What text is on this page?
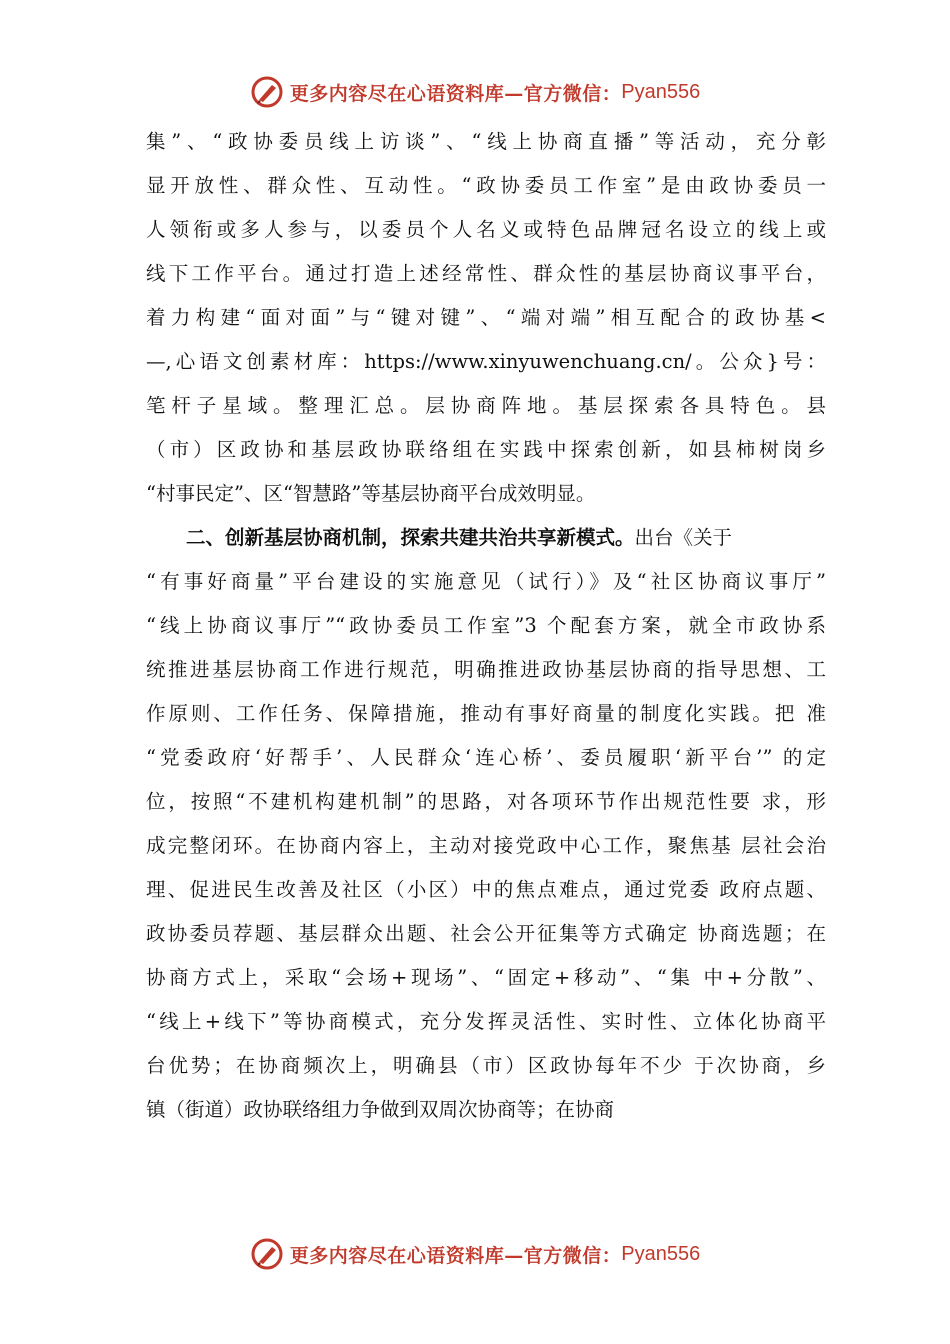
更多内容尽在心语资料库—官方微信： Pyan556
集”、“政协委员线上访谈”、“线上协商直播”等活动，充分彰
显开放性、群众性、互动性。“政协委员工作室”是由政协委员一
人领衔或多人参与，以委员个人名义或特色品牌冠名设立的线上或
线下工作平台。通过打造上述经常性、群众性的基层协商议事平台，
着力构建“面对面”与“键对键”、“端对端”相互配合的政协基<
—,心语文创素材库：https://www.xinyuwenchuang.cn/。公众}号：
笔杆子星域。整理汇总。层协商阵地。基层探索各具特色。县
（市）区政协和基层政协联络组在实践中探索创新，如县柿树岗乡
“村事民定”、区“智慧路”等基层协商平台成效明显。
二、创新基层协商机制，探索共建共治共享新模式。出台《关于
“有事好商量”平台建设的实施意见（试行）》及“社区协商议事厅”
“线上协商议事厅”“政协委员工作室”3 个配套方案，就全市政协系
统推进基层协商工作进行规范，明确推进政协基层协商的指导思想、工
作原则、工作任务、保障措施，推动有事好商量的制度化实践。把 准
“党委政府‘好帮手’、人民群众‘连心桥’、委员履职‘新平台’” 的定
位，按照“不建机构建机制”的思路，对各项环节作出规范性要 求，形
成完整闭环。在协商内容上，主动对接党政中心工作，聚焦基 层社会治
理、促进民生改善及社区（小区）中的焦点难点，通过党委 政府点题、
政协委员荐题、基层群众出题、社会公开征集等方式确定 协商选题；在
协商方式上，采取“会场+现场”、“固定+移动”、“集 中+分散”、
“线上+线下”等协商模式，充分发挥灵活性、实时性、立体化协商平
台优势；在协商频次上，明确县（市）区政协每年不少 于次协商，乡
镇（街道）政协联络组力争做到双周次协商等；在协商
更多内容尽在心语资料库—官方微信： Pyan556
